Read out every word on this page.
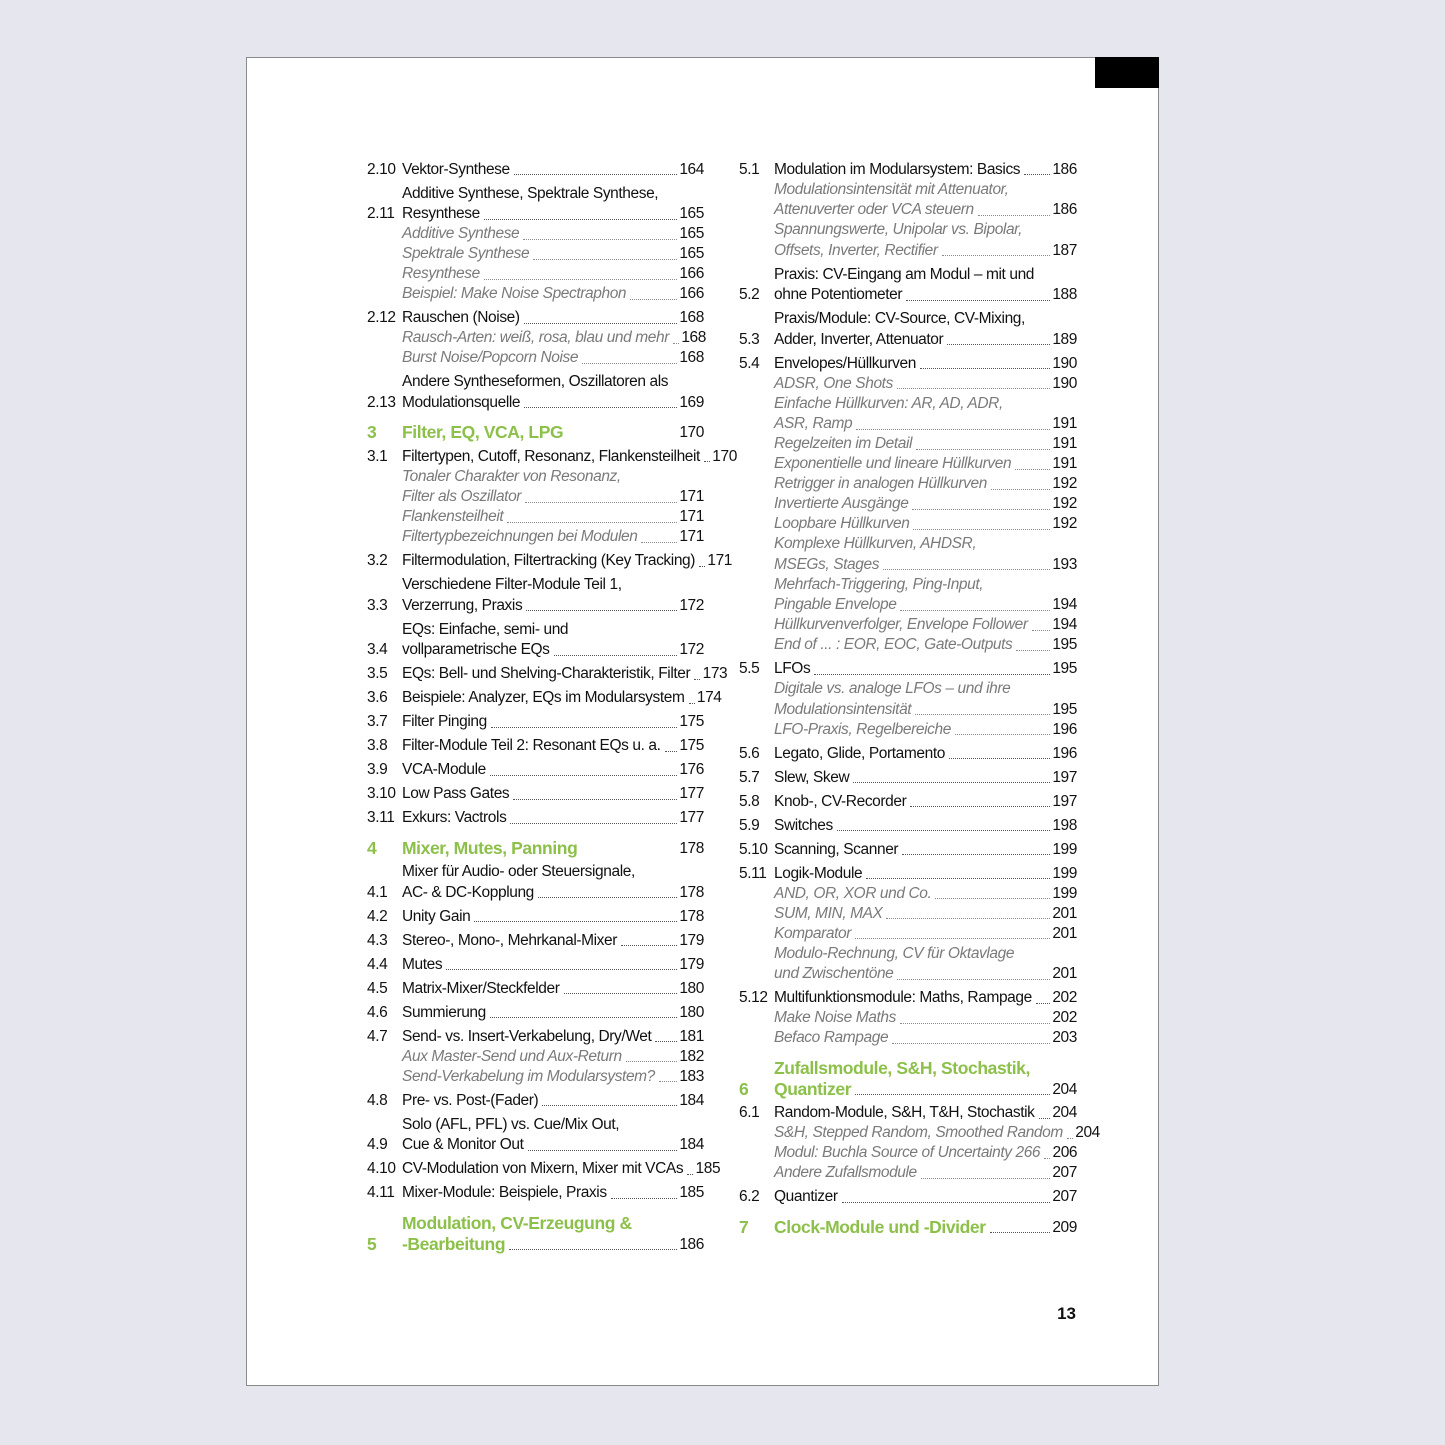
2.10 Vektor-Synthese	164
2.11
Additive Synthese, Spektrale Synthese,
Resynthese	165
Additive Synthese	165
Spektrale Synthese	165
Resynthese	166
Beispiel: Make Noise Spectraphon	166
2.12 Rauschen (Noise)	168
Rausch-Arten: weiß, rosa, blau und mehr 168
Burst Noise/Popcorn Noise	168
2.13
Andere Syntheseformen, Oszillatoren als
Modulationsquelle	169
3	Filter, EQ, VCA, LPG	170
3.1 Filtertypen, Cutoff, Resonanz, Flankensteilheit 170
Tonaler Charakter von Resonanz,
Filter als Oszillator	171
Flankensteilheit	171
Filtertypbezeichnungen bei Modulen	171
3.2 Filtermodulation, Filtertracking (Key Tracking) 171
3.3
Verschiedene Filter-Module Teil 1,
Verzerrung, Praxis	172
3.4
EQs: Einfache, semi- und
vollparametrische EQs	172
3.5 EQs: Bell- und Shelving-Charakteristik, Filter 173
3.6 Beispiele: Analyzer, EQs im Modularsystem 174
3.7 Filter Pinging	175
3.8 Filter-Module Teil 2: Resonant EQs u. a. 175
3.9 VCA-Module	176
3.10 Low Pass Gates	177
3.11 Exkurs: Vactrols	177
4	Mixer, Mutes, Panning	178
4.1
Mixer für Audio- oder Steuersignale,
AC- & DC-Kopplung	178
4.2 Unity Gain	178
4.3 Stereo-, Mono-, Mehrkanal-Mixer	179
4.4 Mutes	179
4.5 Matrix-Mixer/Steckfelder	180
4.6 Summierung	180
4.7 Send- vs. Insert-Verkabelung, Dry/Wet 181
Aux Master-Send und Aux-Return	182
Send-Verkabelung im Modularsystem? 183
4.8 Pre- vs. Post-(Fader)	184
4.9
Solo (AFL, PFL) vs. Cue/Mix Out,
Cue & Monitor Out	184
4.10 CV-Modulation von Mixern, Mixer mit VCAs 185
4.11 Mixer-Module: Beispiele, Praxis	185
5
Modulation, CV-Erzeugung &
-Bearbeitung	186
5.1 Modulation im Modularsystem: Basics 186
Modulationsintensität mit Attenuator,
Attenuverter oder VCA steuern	186
Spannungswerte, Unipolar vs. Bipolar,
Offsets, Inverter, Rectifier	187
5.2
Praxis: CV-Eingang am Modul – mit und
ohne Potentiometer	188
5.3
Praxis/Module: CV-Source, CV-Mixing,
Adder, Inverter, Attenuator	189
5.4 Envelopes/Hüllkurven	190
ADSR, One Shots	190
Einfache Hüllkurven: AR, AD, ADR,
ASR, Ramp	191
Regelzeiten im Detail	191
Exponentielle und lineare Hüllkurven	191
Retrigger in analogen Hüllkurven	192
Invertierte Ausgänge	192
Loopbare Hüllkurven	192
Komplexe Hüllkurven, AHDSR,
MSEGs, Stages	193
Mehrfach-Triggering, Ping-Input,
Pingable Envelope	194
Hüllkurvenverfolger, Envelope Follower 194
End of ... : EOR, EOC, Gate-Outputs	195
5.5 LFOs	195
Digitale vs. analoge LFOs – und ihre
Modulationsintensität	195
LFO-Praxis, Regelbereiche	196
5.6 Legato, Glide, Portamento	196
5.7 Slew, Skew	197
5.8 Knob-, CV-Recorder	197
5.9 Switches	198
5.10 Scanning, Scanner	199
5.11 Logik-Module	199
AND, OR, XOR und Co.	199
SUM, MIN, MAX	201
Komparator	201
Modulo-Rechnung, CV für Oktavlage
und Zwischentöne	201
5.12 Multifunktionsmodule: Maths, Rampage 202
Make Noise Maths	202
Befaco Rampage	203
6
Zufallsmodule, S&H, Stochastik,
Quantizer	204
6.1 Random-Module, S&H, T&H, Stochastik 204
S&H, Stepped Random, Smoothed Random 204
Modul: Buchla Source of Uncertainty 266 206
Andere Zufallsmodule	207
6.2 Quantizer	207
7	Clock-Module und -Divider	209
13
